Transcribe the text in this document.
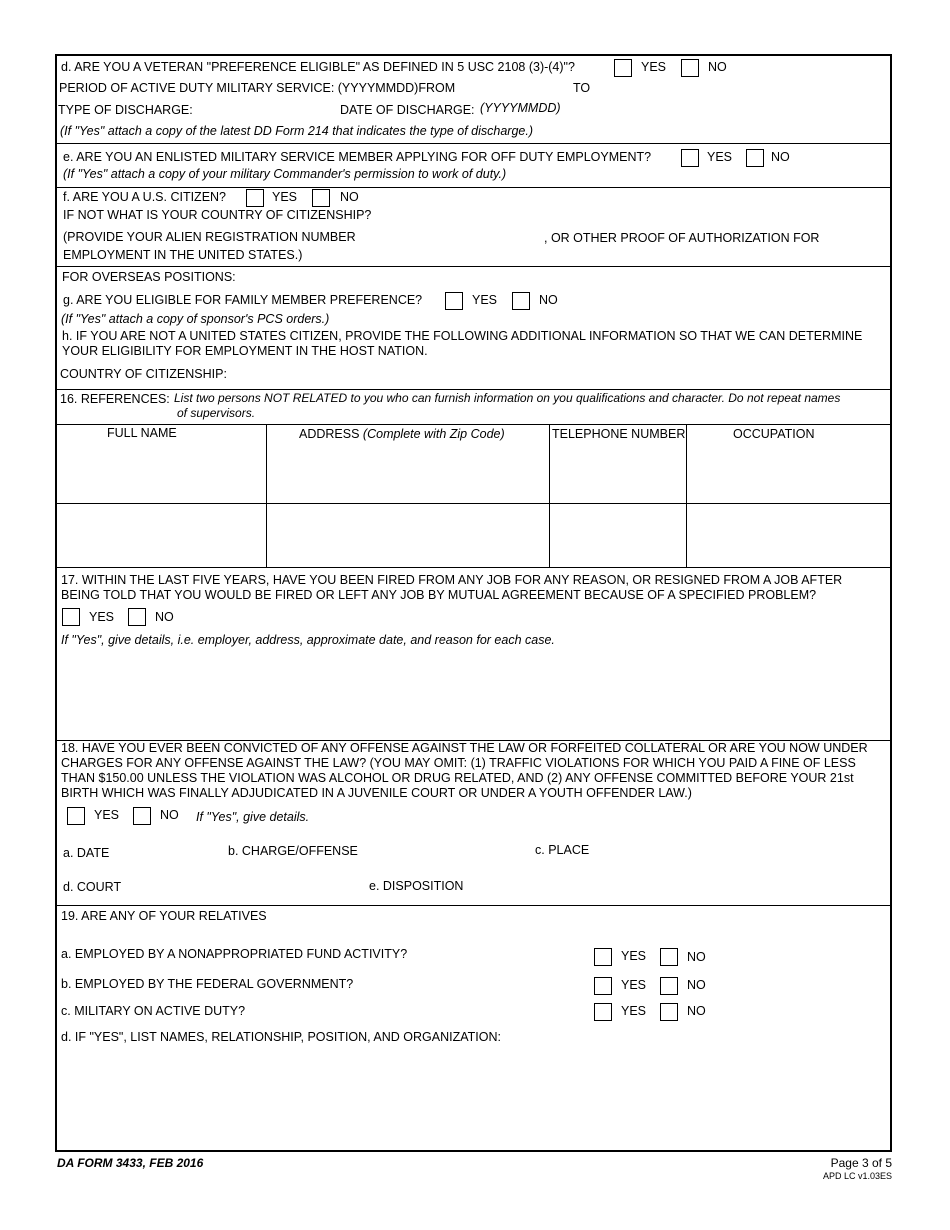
d. ARE YOU A VETERAN "PREFERENCE ELIGIBLE" AS DEFINED IN 5 USC 2108 (3)-(4)"?	YES	NO
PERIOD OF ACTIVE DUTY MILITARY SERVICE: (YYYYMMDD)FROM	TO
TYPE OF DISCHARGE:	DATE OF DISCHARGE: (YYYYMMDD)
(If "Yes" attach a copy of the latest DD Form 214 that indicates the type of discharge.)
e. ARE YOU AN ENLISTED MILITARY SERVICE MEMBER APPLYING FOR OFF DUTY EMPLOYMENT?	YES	NO
(If "Yes" attach a copy of your military Commander's permission to work of duty.)
f. ARE YOU A U.S. CITIZEN?	YES	NO
IF NOT WHAT IS YOUR COUNTRY OF CITIZENSHIP?
(PROVIDE YOUR ALIEN REGISTRATION NUMBER	, OR OTHER PROOF OF AUTHORIZATION FOR
EMPLOYMENT IN THE UNITED STATES.)
FOR OVERSEAS POSITIONS:
g. ARE YOU ELIGIBLE FOR FAMILY MEMBER PREFERENCE?	YES	NO
(If "Yes" attach a copy of sponsor's PCS orders.)
h. IF YOU ARE NOT A UNITED STATES CITIZEN, PROVIDE THE FOLLOWING ADDITIONAL INFORMATION SO THAT WE CAN DETERMINE
YOUR ELIGIBILITY FOR EMPLOYMENT IN THE HOST NATION.
COUNTRY OF CITIZENSHIP:
16. REFERENCES: List two persons NOT RELATED to you who can furnish information on you qualifications and character. Do not repeat names
of supervisors.
FULL NAME	ADDRESS (Complete with Zip Code)	TELEPHONE NUMBER	OCCUPATION
17. WITHIN THE LAST FIVE YEARS, HAVE YOU BEEN FIRED FROM ANY JOB FOR ANY REASON, OR RESIGNED FROM A JOB AFTER
BEING TOLD THAT YOU WOULD BE FIRED OR LEFT ANY JOB BY MUTUAL AGREEMENT BECAUSE OF A SPECIFIED PROBLEM?
YES	NO
If "Yes", give details, i.e. employer, address, approximate date, and reason for each case.
18. HAVE YOU EVER BEEN CONVICTED OF ANY OFFENSE AGAINST THE LAW OR FORFEITED COLLATERAL OR ARE YOU NOW UNDER
CHARGES FOR ANY OFFENSE AGAINST THE LAW? (YOU MAY OMIT: (1) TRAFFIC VIOLATIONS FOR WHICH YOU PAID A FINE OF LESS
THAN $150.00 UNLESS THE VIOLATION WAS ALCOHOL OR DRUG RELATED, AND (2) ANY OFFENSE COMMITTED BEFORE YOUR 21st
BIRTH WHICH WAS FINALLY ADJUDICATED IN A JUVENILE COURT OR UNDER A YOUTH OFFENDER LAW.)
YES	NO If "Yes", give details.
a. DATE	b. CHARGE/OFFENSE	c. PLACE
d. COURT	e. DISPOSITION
19. ARE ANY OF YOUR RELATIVES
a. EMPLOYED BY A NONAPPROPRIATED FUND ACTIVITY?	YES	NO
b. EMPLOYED BY THE FEDERAL GOVERNMENT?	YES	NO
c. MILITARY ON ACTIVE DUTY?	YES	NO
d. IF "YES", LIST NAMES, RELATIONSHIP, POSITION, AND ORGANIZATION:
DA FORM 3433, FEB 2016	Page 3 of 5
APD LC v1.03ES
